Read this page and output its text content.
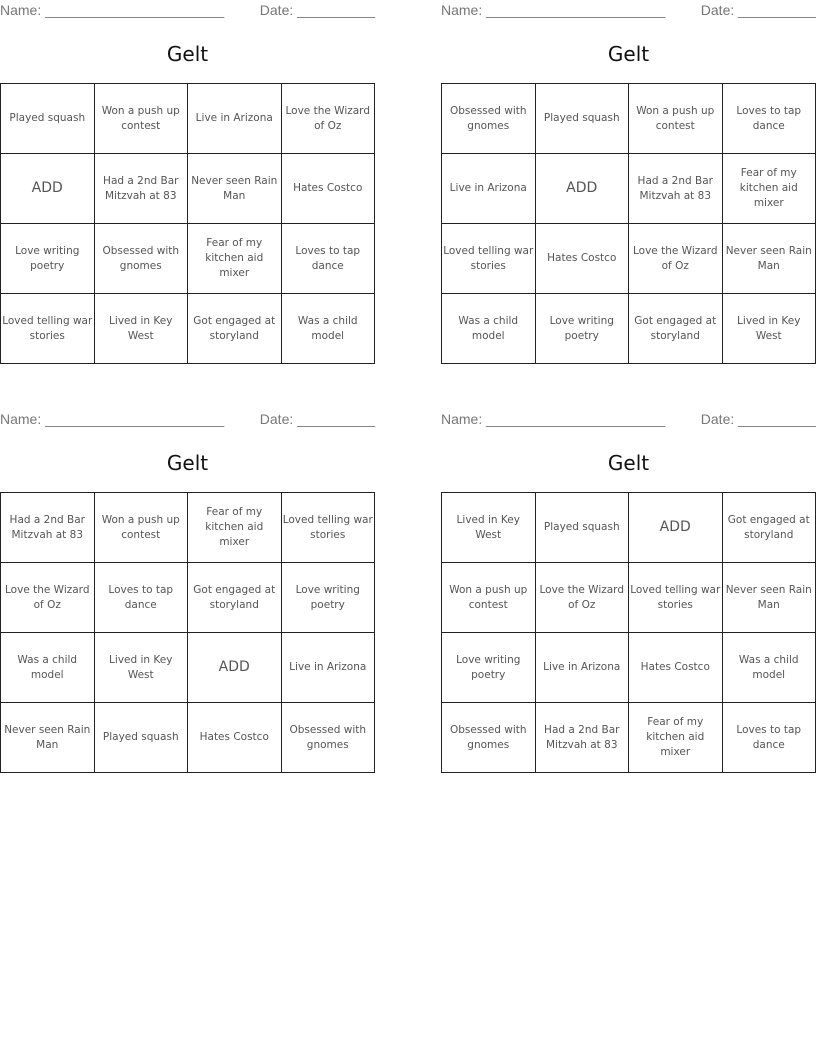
Name: _______________________	Date: __________
Gelt
Played squash	Won a push up contest	Live in Arizona	Love the Wizard of Oz
ADD	Had a 2nd Bar Mitzvah at 83	Never seen Rain Man	Hates Costco
Love writing poetry	Obsessed with gnomes	Fear of my kitchen aid mixer	Loves to tap dance
Loved telling war stories	Lived in Key West	Got engaged at storyland	Was a child model
Name: _______________________	Date: __________
Gelt
Obsessed with gnomes	Played squash	Won a push up contest	Loves to tap dance
Live in Arizona	ADD	Had a 2nd Bar Mitzvah at 83	Fear of my kitchen aid mixer
Loved telling war stories	Hates Costco	Love the Wizard of Oz	Never seen Rain Man
Was a child model	Love writing poetry	Got engaged at storyland	Lived in Key West
Name: _______________________	Date: __________
Gelt
Had a 2nd Bar Mitzvah at 83	Won a push up contest	Fear of my kitchen aid mixer	Loved telling war stories
Love the Wizard of Oz	Loves to tap dance	Got engaged at storyland	Love writing poetry
Was a child model	Lived in Key West	ADD	Live in Arizona
Never seen Rain Man	Played squash	Hates Costco	Obsessed with gnomes
Name: _______________________	Date: __________
Gelt
Lived in Key West	Played squash	ADD	Got engaged at storyland
Won a push up contest	Love the Wizard of Oz	Loved telling war stories	Never seen Rain Man
Love writing poetry	Live in Arizona	Hates Costco	Was a child model
Obsessed with gnomes	Had a 2nd Bar Mitzvah at 83	Fear of my kitchen aid mixer	Loves to tap dance
